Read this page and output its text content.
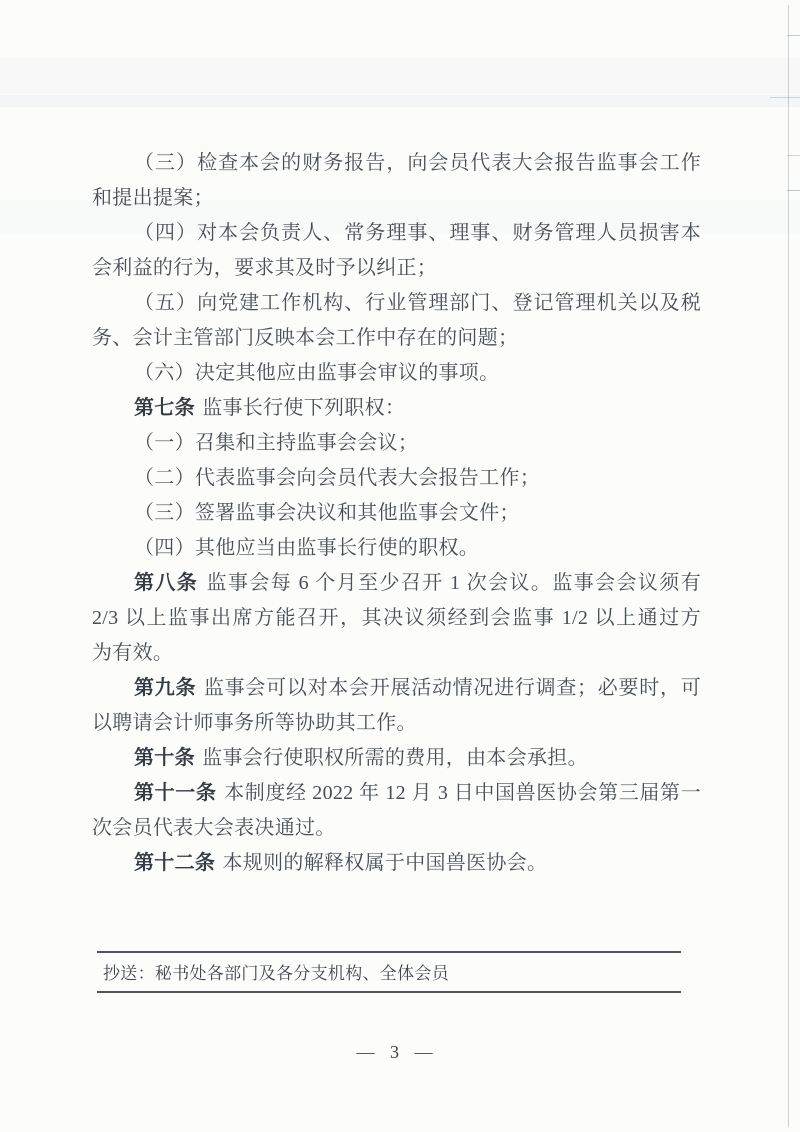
（三）检查本会的财务报告，向会员代表大会报告监事会工作
和提出提案；
（四）对本会负责人、常务理事、理事、财务管理人员损害本
会利益的行为，要求其及时予以纠正；
（五）向党建工作机构、行业管理部门、登记管理机关以及税
务、会计主管部门反映本会工作中存在的问题；
（六）决定其他应由监事会审议的事项。
第七条 监事长行使下列职权：
（一）召集和主持监事会会议；
（二）代表监事会向会员代表大会报告工作；
（三）签署监事会决议和其他监事会文件；
（四）其他应当由监事长行使的职权。
第八条 监事会每 6 个月至少召开 1 次会议。监事会会议须有
2/3 以上监事出席方能召开，其决议须经到会监事 1/2 以上通过方
为有效。
第九条 监事会可以对本会开展活动情况进行调查；必要时，可
以聘请会计师事务所等协助其工作。
第十条 监事会行使职权所需的费用，由本会承担。
第十一条 本制度经 2022 年 12 月 3 日中国兽医协会第三届第一
次会员代表大会表决通过。
第十二条 本规则的解释权属于中国兽医协会。
抄送：秘书处各部门及各分支机构、全体会员
— 3 —
